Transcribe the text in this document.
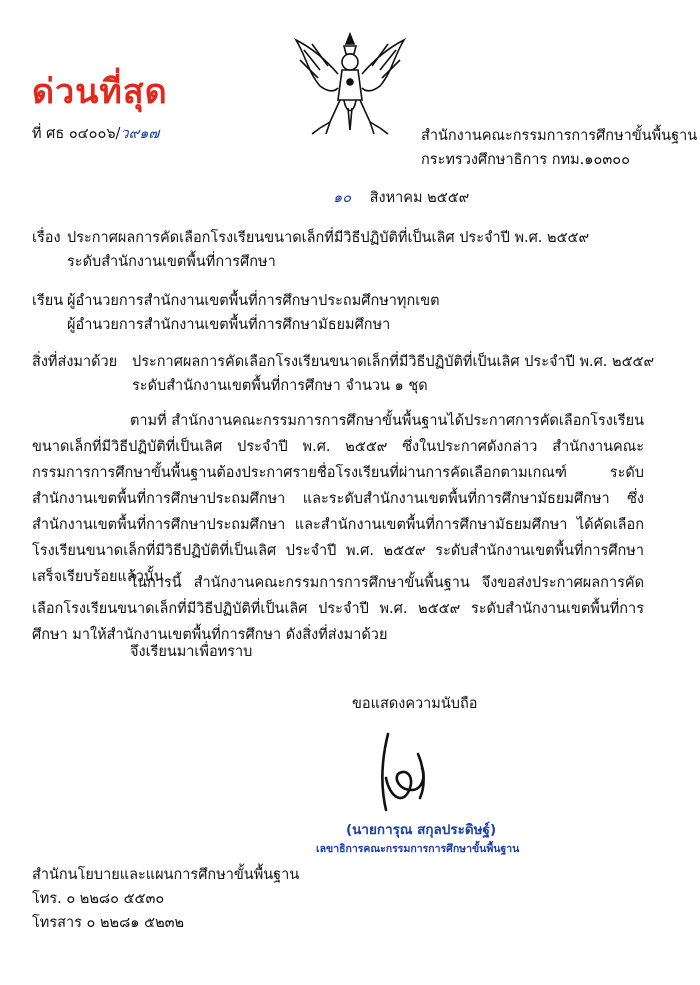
ด่วนที่สุด
ที่ ศธ ๐๔๐๐๖/ว๙๑๗	สำนักงานคณะกรรมการการศึกษาขั้นพื้นฐาน
กระทรวงศึกษาธิการ กทม.๑๐๓๐๐
๑๐ สิงหาคม ๒๕๕๙
เรื่อง ประกาศผลการคัดเลือกโรงเรียนขนาดเล็กที่มีวิธีปฏิบัติที่เป็นเลิศ ประจำปี พ.ศ. ๒๕๕๙
ระดับสำนักงานเขตพื้นที่การศึกษา
เรียน ผู้อำนวยการสำนักงานเขตพื้นที่การศึกษาประถมศึกษาทุกเขต
ผู้อำนวยการสำนักงานเขตพื้นที่การศึกษามัธยมศึกษา
สิ่งที่ส่งมาด้วย ประกาศผลการคัดเลือกโรงเรียนขนาดเล็กที่มีวิธีปฏิบัติที่เป็นเลิศ ประจำปี พ.ศ. ๒๕๕๙
ระดับสำนักงานเขตพื้นที่การศึกษา จำนวน ๑ ชุด
ตามที่ สำนักงานคณะกรรมการการศึกษาขั้นพื้นฐานได้ประกาศการคัดเลือกโรงเรียนขนาดเล็กที่มีวิธีปฏิบัติที่เป็นเลิศ ประจำปี พ.ศ. ๒๕๕๙ ซึ่งในประกาศดังกล่าว สำนักงานคณะกรรมการการศึกษาขั้นพื้นฐานต้องประกาศรายชื่อโรงเรียนที่ผ่านการคัดเลือกตามเกณฑ์ ระดับสำนักงานเขตพื้นที่การศึกษาประถมศึกษา และระดับสำนักงานเขตพื้นที่การศึกษามัธยมศึกษา ซึ่งสำนักงานเขตพื้นที่การศึกษาประถมศึกษา และสำนักงานเขตพื้นที่การศึกษามัธยมศึกษา ได้คัดเลือกโรงเรียนขนาดเล็กที่มีวิธีปฏิบัติที่เป็นเลิศ ประจำปี พ.ศ. ๒๕๕๙ ระดับสำนักงานเขตพื้นที่การศึกษา เสร็จเรียบร้อยแล้วนั้น
ในการนี้ สำนักงานคณะกรรมการการศึกษาขั้นพื้นฐาน จึงขอส่งประกาศผลการคัดเลือกโรงเรียนขนาดเล็กที่มีวิธีปฏิบัติที่เป็นเลิศ ประจำปี พ.ศ. ๒๕๕๙ ระดับสำนักงานเขตพื้นที่การศึกษา มาให้สำนักงานเขตพื้นที่การศึกษา ดังสิ่งที่ส่งมาด้วย
จึงเรียนมาเพื่อทราบ
ขอแสดงความนับถือ
(นายการุณ สกุลประดิษฐ์)
เลขาธิการคณะกรรมการการศึกษาขั้นพื้นฐาน
สำนักนโยบายและแผนการศึกษาขั้นพื้นฐาน
โทร. ๐ ๒๒๘๐ ๕๕๓๐
โทรสาร ๐ ๒๒๘๑ ๕๒๓๒
